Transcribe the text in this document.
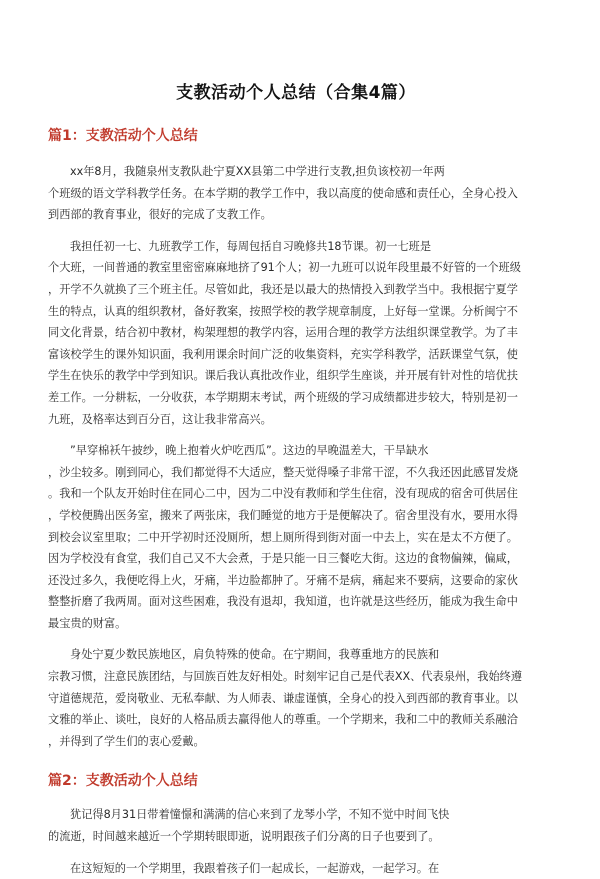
支教活动个人总结（合集4篇）
篇1：支教活动个人总结

xx年8月，我随泉州支教队赴宁夏XX县第二中学进行支教,担负该校初一年两
个班级的语文学科教学任务。在本学期的教学工作中，我以高度的使命感和责任心，全身心投入
到西部的教育事业，很好的完成了支教工作。

我担任初一七、九班教学工作，每周包括自习晚修共18节课。初一七班是
个大班，一间普通的教室里密密麻麻地挤了91个人；初一九班可以说年段里最不好管的一个班级
，开学不久就换了三个班主任。尽管如此，我还是以最大的热情投入到教学当中。我根据宁夏学
生的特点，认真的组织教材，备好教案，按照学校的教学规章制度，上好每一堂课。分析闽宁不
同文化背景，结合初中教材，构架理想的教学内容，运用合理的教学方法组织课堂教学。为了丰
富该校学生的课外知识面，我利用课余时间广泛的收集资料，充实学科教学，活跃课堂气氛，使
学生在快乐的教学中学到知识。课后我认真批改作业，组织学生座谈，并开展有针对性的培优扶
差工作。一分耕耘，一分收获，本学期期末考试，两个班级的学习成绩都进步较大，特别是初一
九班，及格率达到百分百，这让我非常高兴。

”早穿棉袄午披纱，晚上抱着火炉吃西瓜”。这边的早晚温差大，干旱缺水
，沙尘较多。刚到同心，我们都觉得不大适应，整天觉得嗓子非常干涩，不久我还因此感冒发烧
。我和一个队友开始时住在同心二中，因为二中没有教师和学生住宿，没有现成的宿舍可供居住
，学校便腾出医务室，搬来了两张床，我们睡觉的地方于是便解决了。宿舍里没有水，要用水得
到校会议室里取；二中开学初时还没厕所，想上厕所得到街对面一中去上，实在是太不方便了。
因为学校没有食堂，我们自己又不大会煮，于是只能一日三餐吃大街。这边的食物偏辣，偏咸，
还没过多久，我便吃得上火，牙痛，半边脸都肿了。牙痛不是病，痛起来不要病，这要命的家伙
整整折磨了我两周。面对这些困难，我没有退却，我知道，也许就是这些经历，能成为我生命中
最宝贵的财富。

身处宁夏少数民族地区，肩负特殊的使命。在宁期间，我尊重地方的民族和
宗教习惯，注意民族团结，与回族百姓友好相处。时刻牢记自己是代表XX、代表泉州，我始终遵
守道德规范，爱岗敬业、无私奉献、为人师表、谦虚谨慎，全身心的投入到西部的教育事业。以
文雅的举止、谈吐，良好的人格品质去赢得他人的尊重。一个学期来，我和二中的教师关系融洽
，并得到了学生们的衷心爱戴。

篇2：支教活动个人总结

犹记得8月31日带着憧憬和满满的信心来到了龙琴小学，不知不觉中时间飞快
的流逝，时间越来越近一个学期转眼即逝，说明跟孩子们分离的日子也要到了。

在这短短的一个学期里，我跟着孩子们一起成长，一起游戏，一起学习。在
